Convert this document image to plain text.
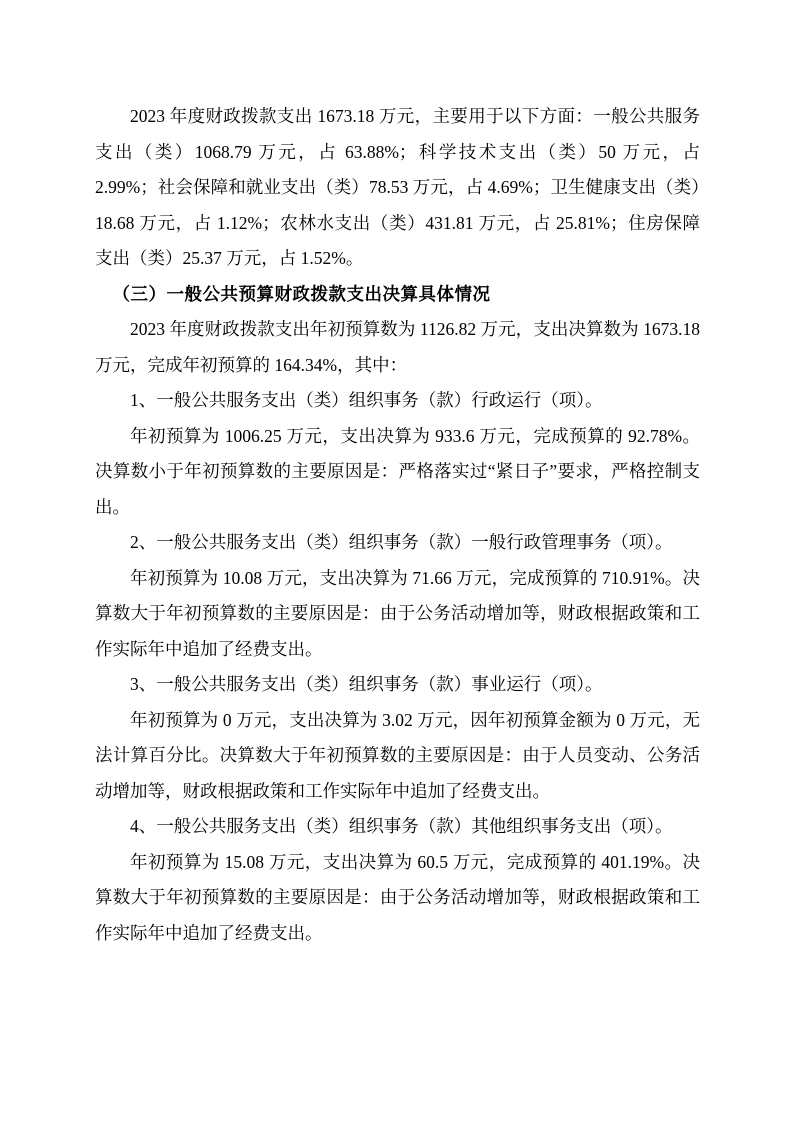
2023 年度财政拨款支出 1673.18 万元，主要用于以下方面：一般公共服务支出（类）1068.79 万元，占 63.88%；科学技术支出（类）50 万元，占 2.99%；社会保障和就业支出（类）78.53 万元，占 4.69%；卫生健康支出（类）18.68 万元，占 1.12%；农林水支出（类）431.81 万元，占 25.81%；住房保障支出（类）25.37 万元，占 1.52%。

（三）一般公共预算财政拨款支出决算具体情况

2023 年度财政拨款支出年初预算数为 1126.82 万元，支出决算数为 1673.18 万元，完成年初预算的 164.34%，其中：

1、一般公共服务支出（类）组织事务（款）行政运行（项）。

年初预算为 1006.25 万元，支出决算为 933.6 万元，完成预算的 92.78%。决算数小于年初预算数的主要原因是：严格落实过“紧日子”要求，严格控制支出。

2、一般公共服务支出（类）组织事务（款）一般行政管理事务（项）。

年初预算为 10.08 万元，支出决算为 71.66 万元，完成预算的 710.91%。决算数大于年初预算数的主要原因是：由于公务活动增加等，财政根据政策和工作实际年中追加了经费支出。

3、一般公共服务支出（类）组织事务（款）事业运行（项）。

年初预算为 0 万元，支出决算为 3.02 万元，因年初预算金额为 0 万元，无法计算百分比。决算数大于年初预算数的主要原因是：由于人员变动、公务活动增加等，财政根据政策和工作实际年中追加了经费支出。

4、一般公共服务支出（类）组织事务（款）其他组织事务支出（项）。

年初预算为 15.08 万元，支出决算为 60.5 万元，完成预算的 401.19%。决算数大于年初预算数的主要原因是：由于公务活动增加等，财政根据政策和工作实际年中追加了经费支出。
